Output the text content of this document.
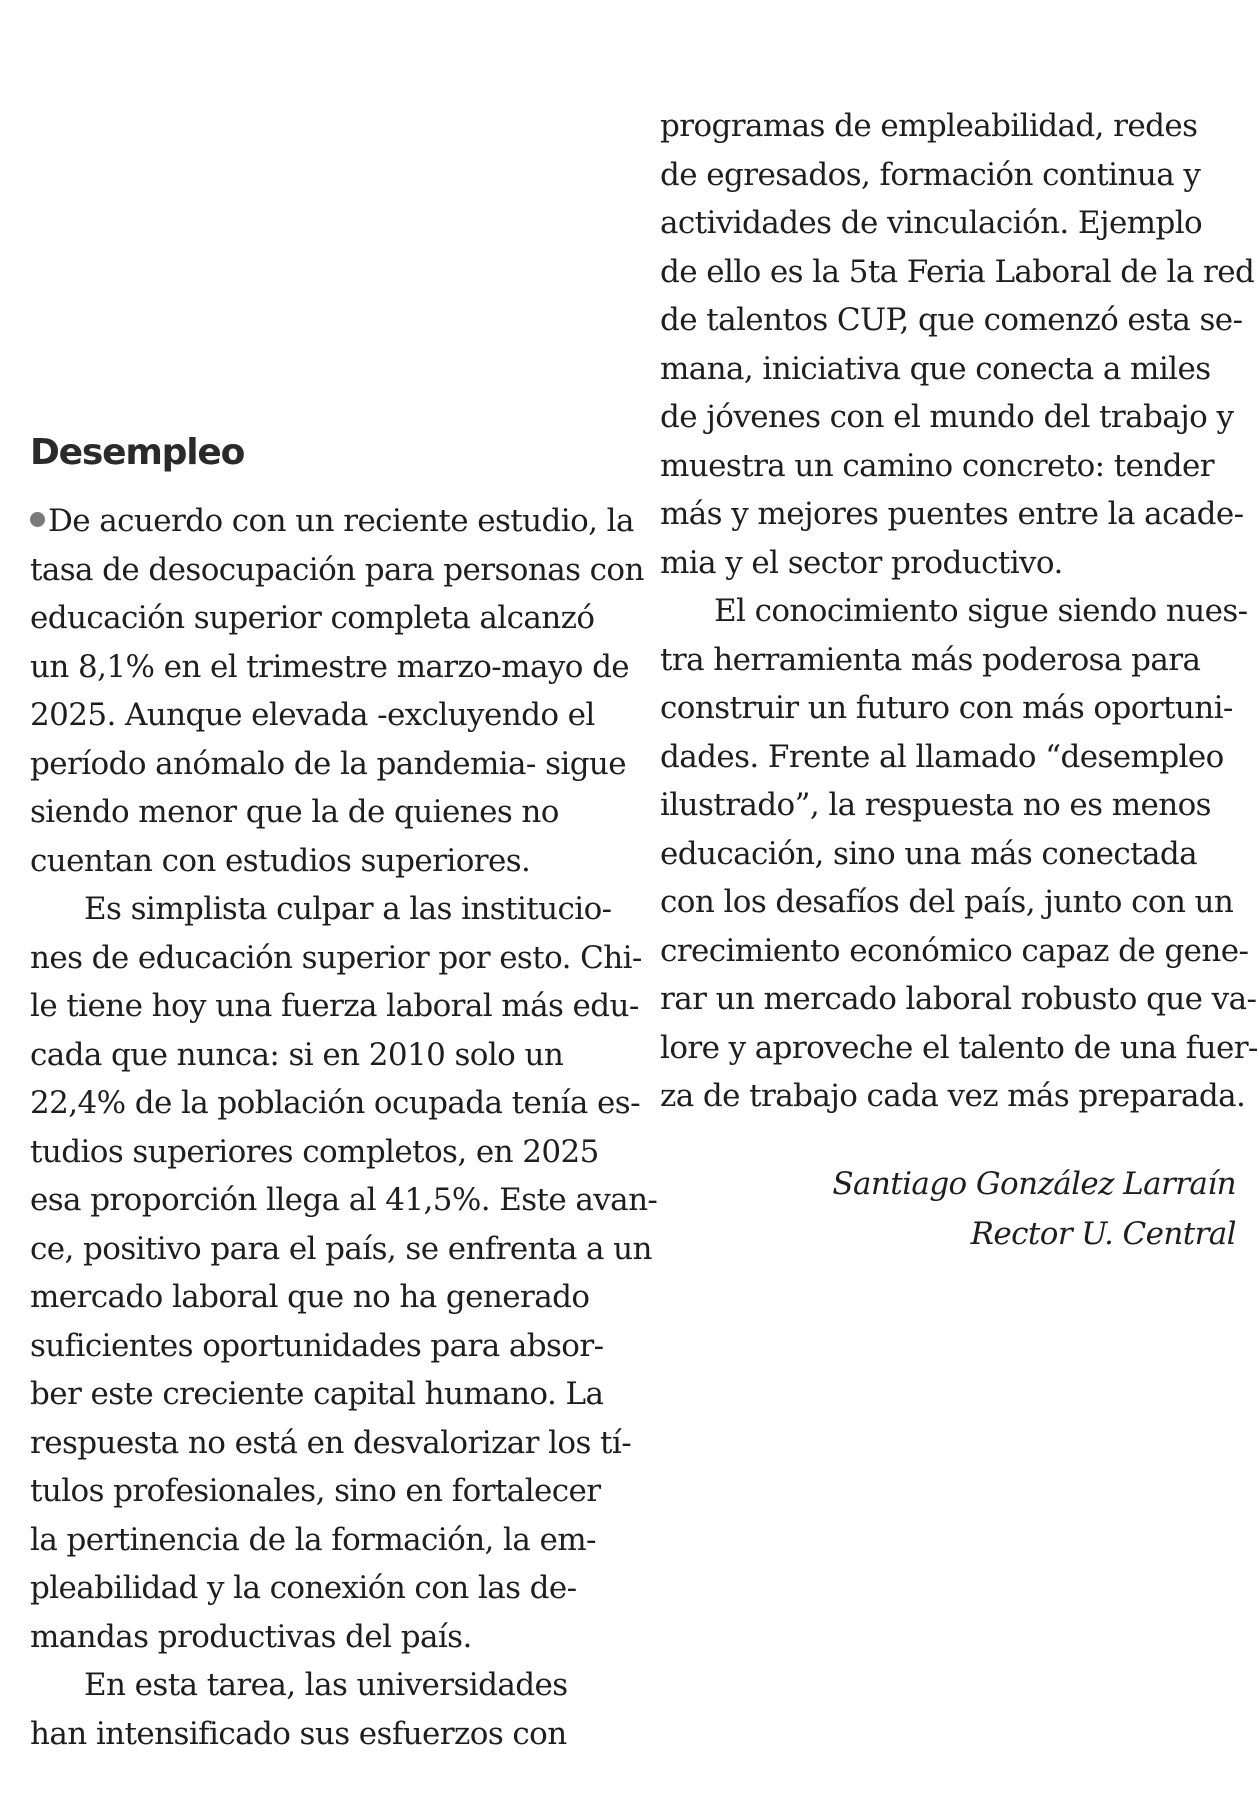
Desempleo
De acuerdo con un reciente estudio, la
tasa de desocupación para personas con
educación superior completa alcanzó
un 8,1% en el trimestre marzo-mayo de
2025. Aunque elevada -excluyendo el
período anómalo de la pandemia- sigue
siendo menor que la de quienes no
cuentan con estudios superiores.
Es simplista culpar a las institucio-
nes de educación superior por esto. Chi-
le tiene hoy una fuerza laboral más edu-
cada que nunca: si en 2010 solo un
22,4% de la población ocupada tenía es-
tudios superiores completos, en 2025
esa proporción llega al 41,5%. Este avan-
ce, positivo para el país, se enfrenta a un
mercado laboral que no ha generado
suficientes oportunidades para absor-
ber este creciente capital humano. La
respuesta no está en desvalorizar los tí-
tulos profesionales, sino en fortalecer
la pertinencia de la formación, la em-
pleabilidad y la conexión con las de-
mandas productivas del país.
En esta tarea, las universidades
han intensificado sus esfuerzos con
programas de empleabilidad, redes
de egresados, formación continua y
actividades de vinculación. Ejemplo
de ello es la 5ta Feria Laboral de la red
de talentos CUP, que comenzó esta se-
mana, iniciativa que conecta a miles
de jóvenes con el mundo del trabajo y
muestra un camino concreto: tender
más y mejores puentes entre la acade-
mia y el sector productivo.
El conocimiento sigue siendo nues-
tra herramienta más poderosa para
construir un futuro con más oportuni-
dades. Frente al llamado “desempleo
ilustrado”, la respuesta no es menos
educación, sino una más conectada
con los desafíos del país, junto con un
crecimiento económico capaz de gene-
rar un mercado laboral robusto que va-
lore y aproveche el talento de una fuer-
za de trabajo cada vez más preparada.
Santiago González Larraín
Rector U. Central
